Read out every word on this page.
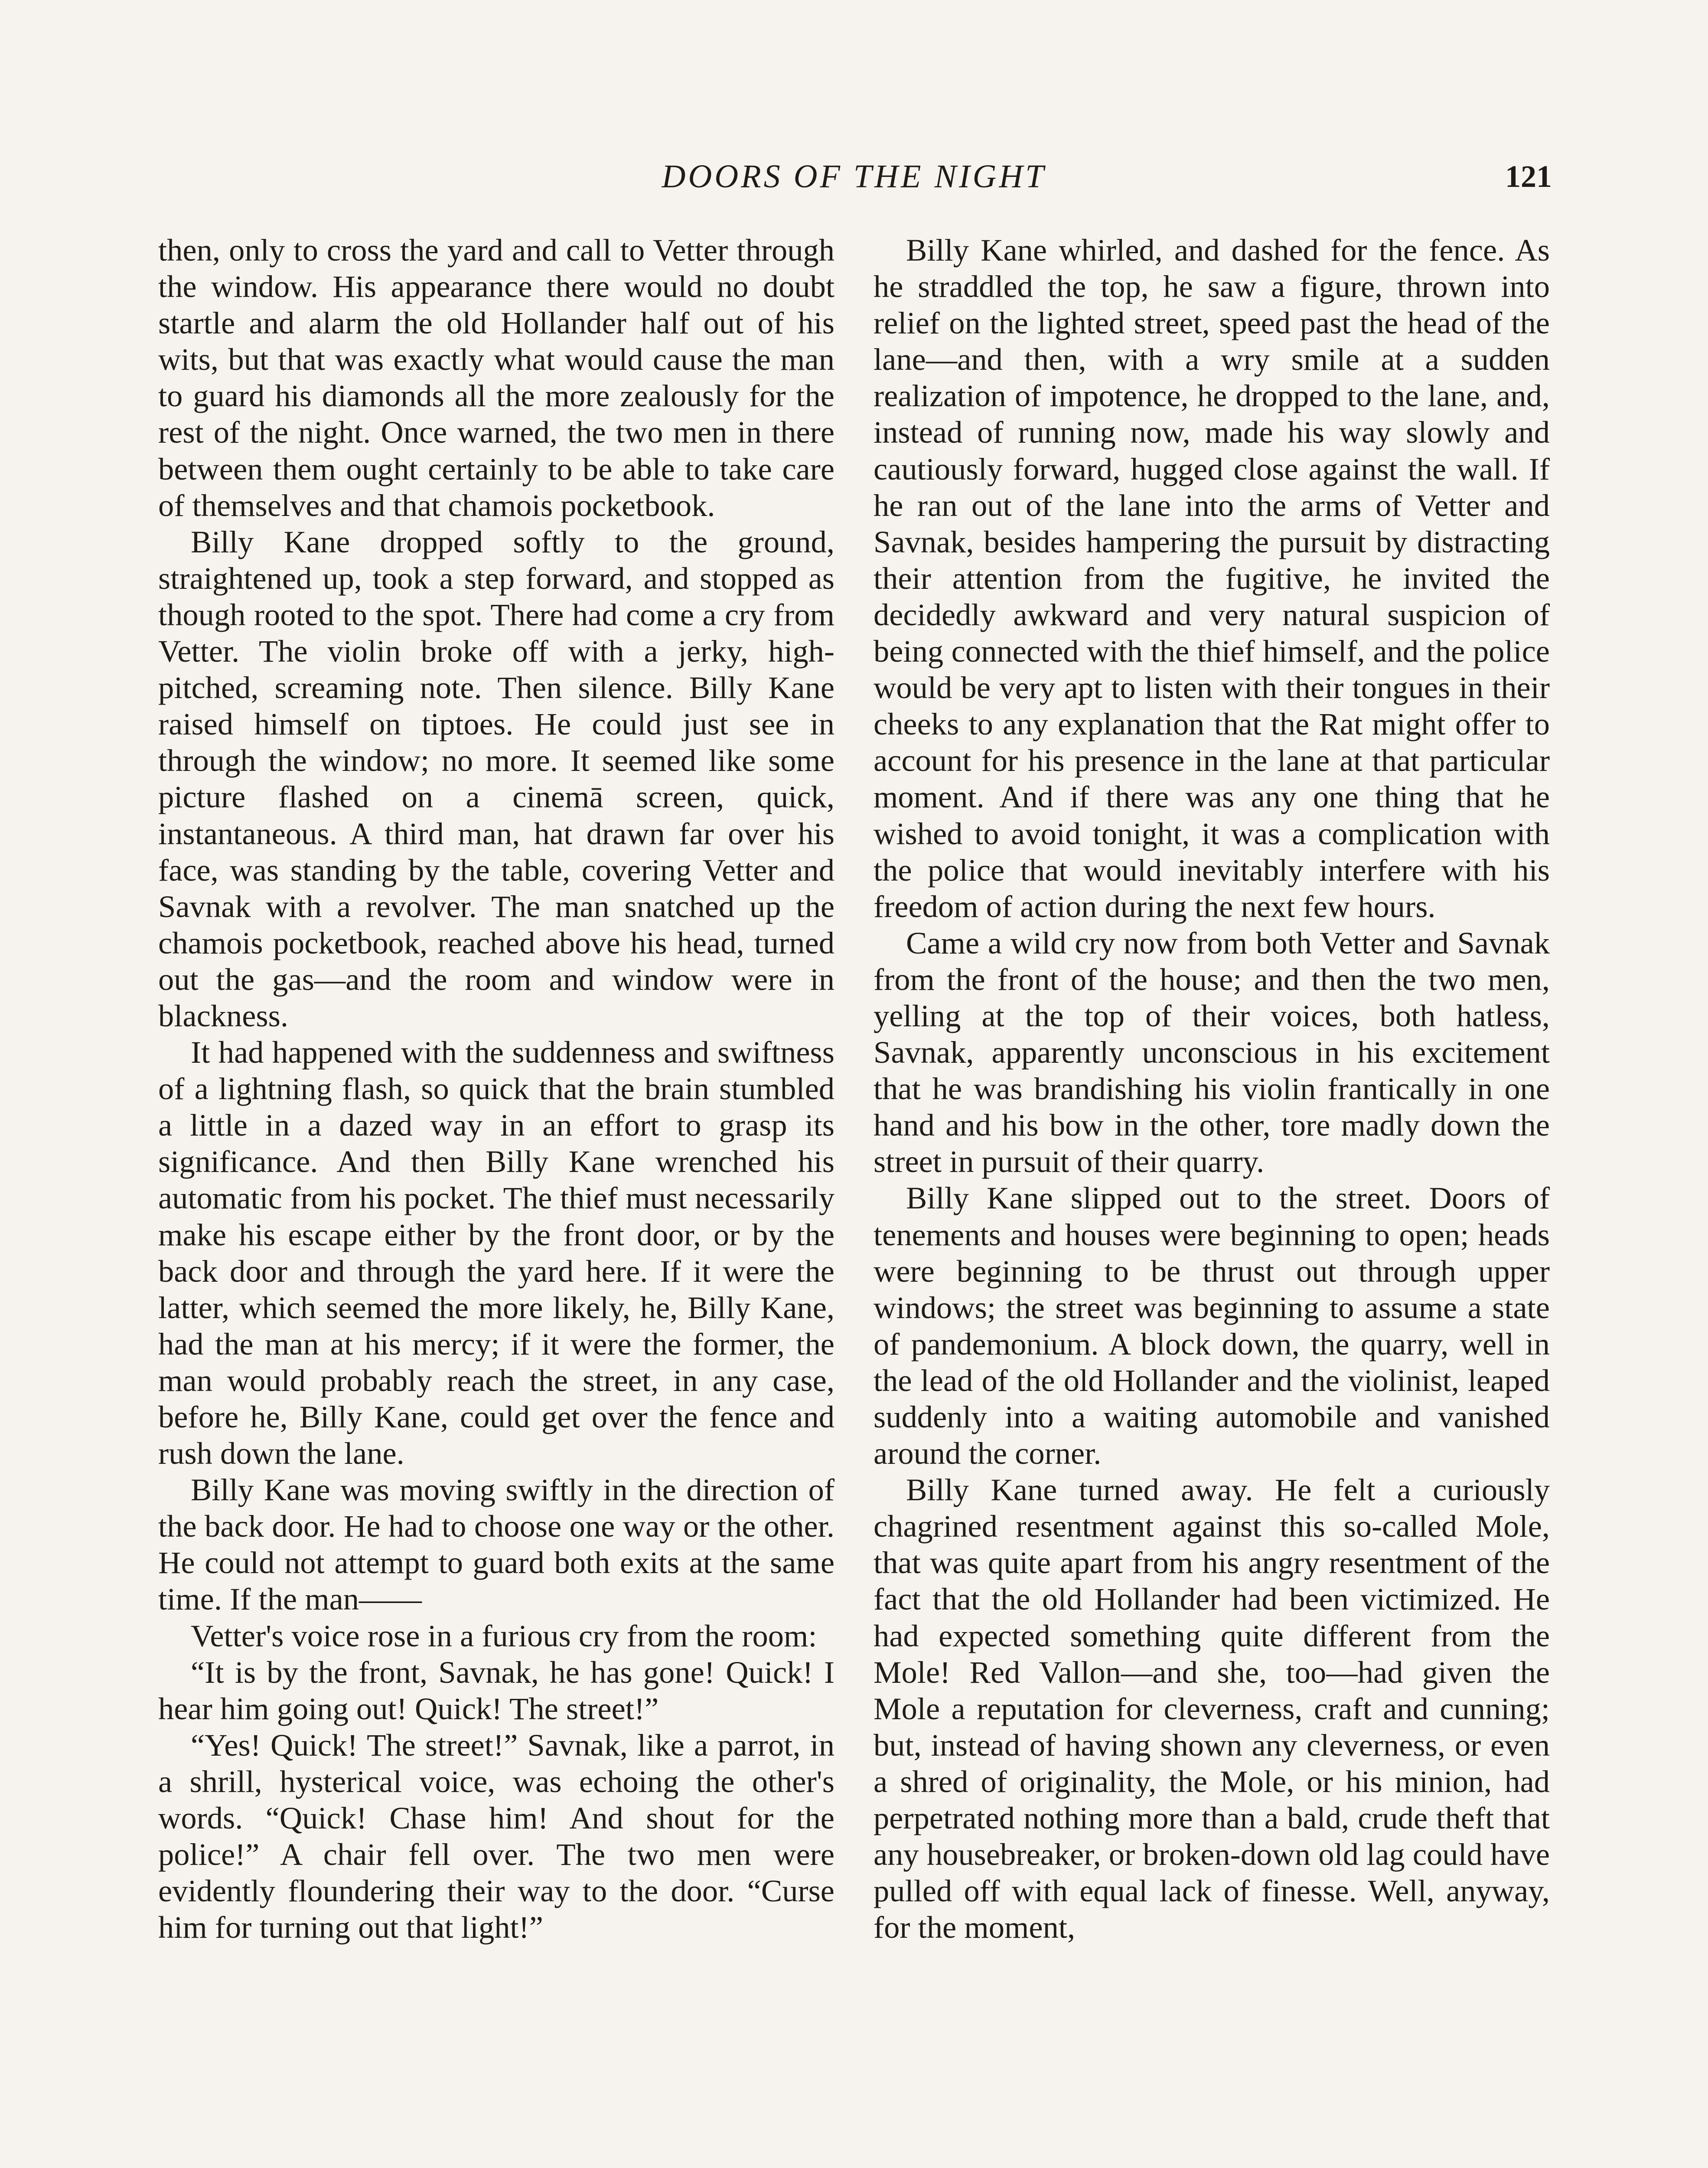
DOORS OF THE NIGHT	121

then, only to cross the yard and call to Vetter through the window. His appearance there would no doubt startle and alarm the old Hollander half out of his wits, but that was exactly what would cause the man to guard his diamonds all the more zealously for the rest of the night. Once warned, the two men in there between them ought certainly to be able to take care of themselves and that chamois pocketbook.

Billy Kane dropped softly to the ground, straightened up, took a step forward, and stopped as though rooted to the spot. There had come a cry from Vetter. The violin broke off with a jerky, high-pitched, screaming note. Then silence. Billy Kane raised himself on tiptoes. He could just see in through the window; no more. It seemed like some picture flashed on a cinemā screen, quick, instantaneous. A third man, hat drawn far over his face, was standing by the table, covering Vetter and Savnak with a revolver. The man snatched up the chamois pocketbook, reached above his head, turned out the gas—and the room and window were in blackness.

It had happened with the suddenness and swiftness of a lightning flash, so quick that the brain stumbled a little in a dazed way in an effort to grasp its significance. And then Billy Kane wrenched his automatic from his pocket. The thief must necessarily make his escape either by the front door, or by the back door and through the yard here. If it were the latter, which seemed the more likely, he, Billy Kane, had the man at his mercy; if it were the former, the man would probably reach the street, in any case, before he, Billy Kane, could get over the fence and rush down the lane.

Billy Kane was moving swiftly in the direction of the back door. He had to choose one way or the other. He could not attempt to guard both exits at the same time. If the man——

Vetter's voice rose in a furious cry from the room:

“It is by the front, Savnak, he has gone! Quick! I hear him going out! Quick! The street!”

“Yes! Quick! The street!” Savnak, like a parrot, in a shrill, hysterical voice, was echoing the other's words. “Quick! Chase him! And shout for the police!” A chair fell over. The two men were evidently floundering their way to the door. “Curse him for turning out that light!”

Billy Kane whirled, and dashed for the fence. As he straddled the top, he saw a figure, thrown into relief on the lighted street, speed past the head of the lane—and then, with a wry smile at a sudden realization of impotence, he dropped to the lane, and, instead of running now, made his way slowly and cautiously forward, hugged close against the wall. If he ran out of the lane into the arms of Vetter and Savnak, besides hampering the pursuit by distracting their attention from the fugitive, he invited the decidedly awkward and very natural suspicion of being connected with the thief himself, and the police would be very apt to listen with their tongues in their cheeks to any explanation that the Rat might offer to account for his presence in the lane at that particular moment. And if there was any one thing that he wished to avoid tonight, it was a complication with the police that would inevitably interfere with his freedom of action during the next few hours.

Came a wild cry now from both Vetter and Savnak from the front of the house; and then the two men, yelling at the top of their voices, both hatless, Savnak, apparently unconscious in his excitement that he was brandishing his violin frantically in one hand and his bow in the other, tore madly down the street in pursuit of their quarry.

Billy Kane slipped out to the street. Doors of tenements and houses were beginning to open; heads were beginning to be thrust out through upper windows; the street was beginning to assume a state of pandemonium. A block down, the quarry, well in the lead of the old Hollander and the violinist, leaped suddenly into a waiting automobile and vanished around the corner.

Billy Kane turned away. He felt a curiously chagrined resentment against this so-called Mole, that was quite apart from his angry resentment of the fact that the old Hollander had been victimized. He had expected something quite different from the Mole! Red Vallon—and she, too—had given the Mole a reputation for cleverness, craft and cunning; but, instead of having shown any cleverness, or even a shred of originality, the Mole, or his minion, had perpetrated nothing more than a bald, crude theft that any housebreaker, or broken-down old lag could have pulled off with equal lack of finesse. Well, anyway, for the moment,
